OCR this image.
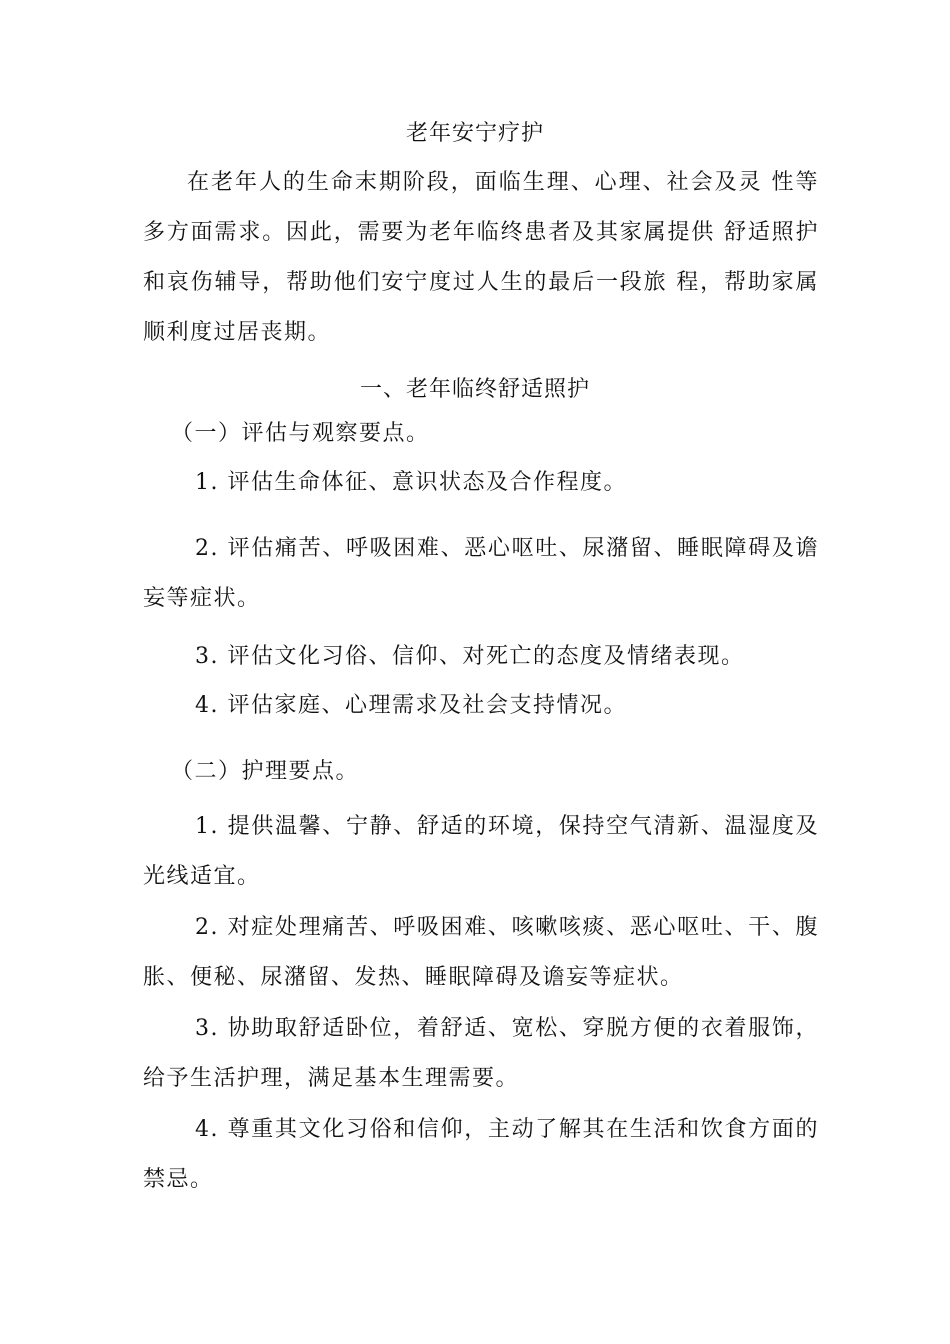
老年安宁疗护

在老年人的生命末期阶段，面临生理、心理、社会及灵 性等多方面需求。因此，需要为老年临终患者及其家属提供 舒适照护和哀伤辅导，帮助他们安宁度过人生的最后一段旅 程，帮助家属顺利度过居丧期。

一、老年临终舒适照护

（一）评估与观察要点。

1. 评估生命体征、意识状态及合作程度。

2. 评估痛苦、呼吸困难、恶心呕吐、尿潴留、睡眠障碍及谵妄等症状。

3. 评估文化习俗、信仰、对死亡的态度及情绪表现。

4. 评估家庭、心理需求及社会支持情况。

（二）护理要点。

1. 提供温馨、宁静、舒适的环境，保持空气清新、温湿度及光线适宜。

2. 对症处理痛苦、呼吸困难、咳嗽咳痰、恶心呕吐、干、腹胀、便秘、尿潴留、发热、睡眠障碍及谵妄等症状。

3. 协助取舒适卧位，着舒适、宽松、穿脱方便的衣着服饰，给予生活护理，满足基本生理需要。

4. 尊重其文化习俗和信仰，主动了解其在生活和饮食方面的禁忌。
